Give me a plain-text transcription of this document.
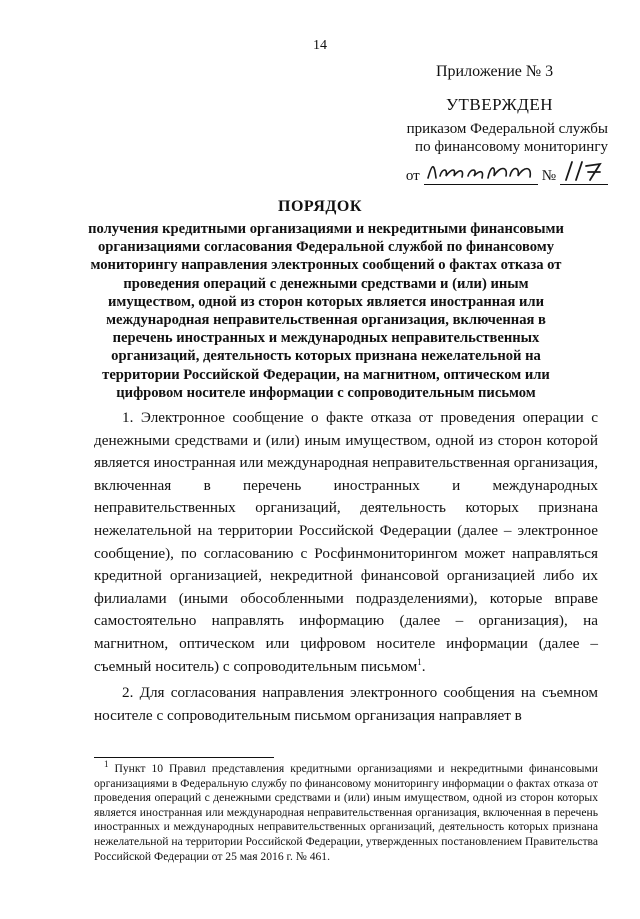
14
Приложение № 3
УТВЕРЖДЕН
приказом Федеральной службы
по финансовому мониторингу
от	№
ПОРЯДОК
получения кредитными организациями и некредитными финансовыми организациями согласования Федеральной службой по финансовому мониторингу направления электронных сообщений о фактах отказа от проведения операций с денежными средствами и (или) иным имуществом, одной из сторон которых является иностранная или международная неправительственная организация, включенная в перечень иностранных и международных неправительственных организаций, деятельность которых признана нежелательной на территории Российской Федерации, на магнитном, оптическом или цифровом носителе информации с сопроводительным письмом

1. Электронное сообщение о факте отказа от проведения операции с денежными средствами и (или) иным имуществом, одной из сторон которой является иностранная или международная неправительственная организация, включенная в перечень иностранных и международных неправительственных организаций, деятельность которых признана нежелательной на территории Российской Федерации (далее – электронное сообщение), по согласованию с Росфинмониторингом может направляться кредитной организацией, некредитной финансовой организацией либо их филиалами (иными обособленными подразделениями), которые вправе самостоятельно направлять информацию (далее – организация), на магнитном, оптическом или цифровом носителе информации (далее – съемный носитель) с сопроводительным письмом$^1$.

2. Для согласования направления электронного сообщения на съемном носителе с сопроводительным письмом организация направляет в

$^1$ Пункт 10 Правил представления кредитными организациями и некредитными финансовыми организациями в Федеральную службу по финансовому мониторингу информации о фактах отказа от проведения операций с денежными средствами и (или) иным имуществом, одной из сторон которых является иностранная или международная неправительственная организация, включенная в перечень иностранных и международных неправительственных организаций, деятельность которых признана нежелательной на территории Российской Федерации, утвержденных постановлением Правительства Российской Федерации от 25 мая 2016 г. № 461.
